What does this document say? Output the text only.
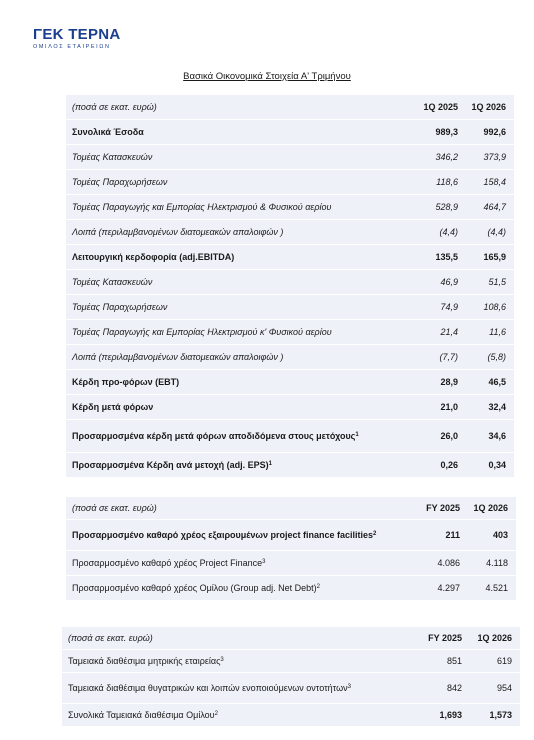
ΓΕΚ ΤΕΡΝΑ
ΟΜΙΛΟΣ ΕΤΑΙΡΕΙΩΝ
Βασικά Οικονομικά Στοιχεία Α' Τριμήνου
(ποσά σε εκατ. ευρώ)	1Q 2025	1Q 2026
Συνολικά Έσοδα	989,3	992,6
Τομέας Κατασκευών	346,2	373,9
Τομέας Παραχωρήσεων	118,6	158,4
Τομέας Παραγωγής και Εμπορίας Ηλεκτρισμού & Φυσικού αερίου	528,9	464,7
Λοιπά (περιλαμβανομένων διατομεακών απαλοιφών )	(4,4)	(4,4)
Λειτουργική κερδοφορία (adj.EBITDA)	135,5	165,9
Τομέας Κατασκευών	46,9	51,5
Τομέας Παραχωρήσεων	74,9	108,6
Τομέας Παραγωγής και Εμπορίας Ηλεκτρισμού κ' Φυσικού αερίου	21,4	11,6
Λοιπά (περιλαμβανομένων διατομεακών απαλοιφών )	(7,7)	(5,8)
Κέρδη προ-φόρων (EBT)	28,9	46,5
Κέρδη μετά φόρων	21,0	32,4
Προσαρμοσμένα κέρδη μετά φόρων αποδιδόμενα στους μετόχους$^1$	26,0	34,6
Προσαρμοσμένα Κέρδη ανά μετοχή (adj. EPS)$^1$	0,26	0,34
(ποσά σε εκατ. ευρώ)	FY 2025	1Q 2026
Προσαρμοσμένο καθαρό χρέος εξαιρουμένων project finance facilities$^2$	211	403
Προσαρμοσμένο καθαρό χρέος Project Finance$^3$	4.086	4.118
Προσαρμοσμένο καθαρό χρέος Ομίλου (Group adj. Net Debt)$^2$	4.297	4.521
(ποσά σε εκατ. ευρώ)	FY 2025	1Q 2026
Ταμειακά διαθέσιμα μητρικής εταιρείας$^3$	851	619
Ταμειακά διαθέσιμα θυγατρικών και λοιπών ενοποιούμενων οντοτήτων$^3$	842	954
Συνολικά Ταμειακά διαθέσιμα Ομίλου$^2$	1,693	1,573
